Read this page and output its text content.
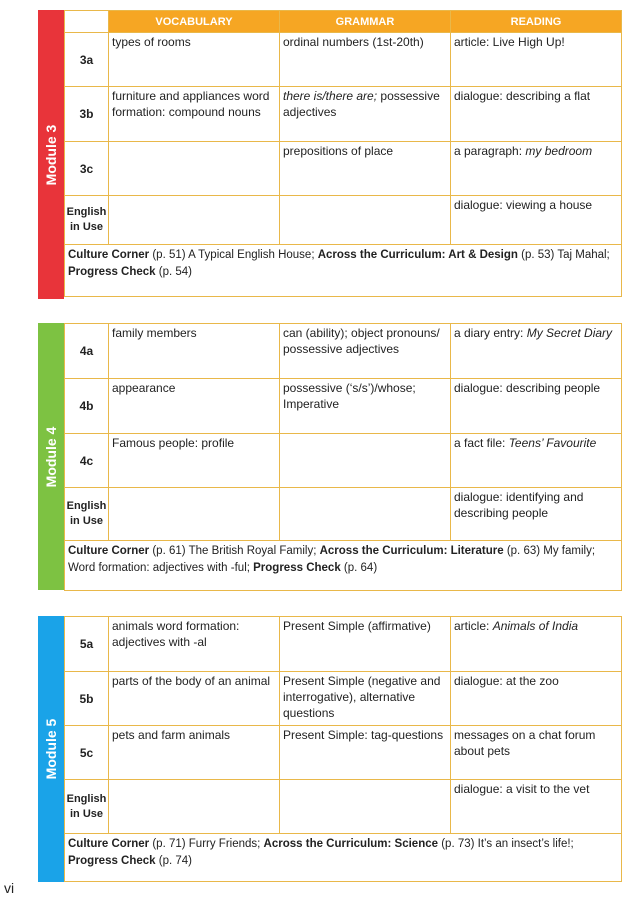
Module 3
	VOCABULARY	GRAMMAR	READING
3a	types of rooms	ordinal numbers (1st-20th)	article: Live High Up!
3b	furniture and appliances word formation: compound nouns	there is/there are; possessive adjectives	dialogue: describing a flat
3c		prepositions of place	a paragraph: my bedroom
English in Use			dialogue: viewing a house
Culture Corner (p. 51) A Typical English House; Across the Curriculum: Art & Design (p. 53) Taj Mahal; Progress Check (p. 54)			
Module 4
4a	family members	can (ability); object pronouns/ possessive adjectives	a diary entry: My Secret Diary
4b	appearance	possessive (‘s/s’)/whose; Imperative	dialogue: describing people
4c	Famous people: profile		a fact file: Teens’ Favourite
English in Use			dialogue: identifying and describing people
Culture Corner (p. 61) The British Royal Family; Across the Curriculum: Literature (p. 63) My family; Word formation: adjectives with -ful; Progress Check (p. 64)			
Module 5
5a	animals word formation: adjectives with -al	Present Simple (affirmative)	article: Animals of India
5b	parts of the body of an animal	Present Simple (negative and interrogative), alternative questions	dialogue: at the zoo
5c	pets and farm animals	Present Simple: tag-questions	messages on a chat forum about pets
English in Use			dialogue: a visit to the vet
Culture Corner (p. 71) Furry Friends; Across the Curriculum: Science (p. 73) It’s an insect’s life!; Progress Check (p. 74)			
vi
